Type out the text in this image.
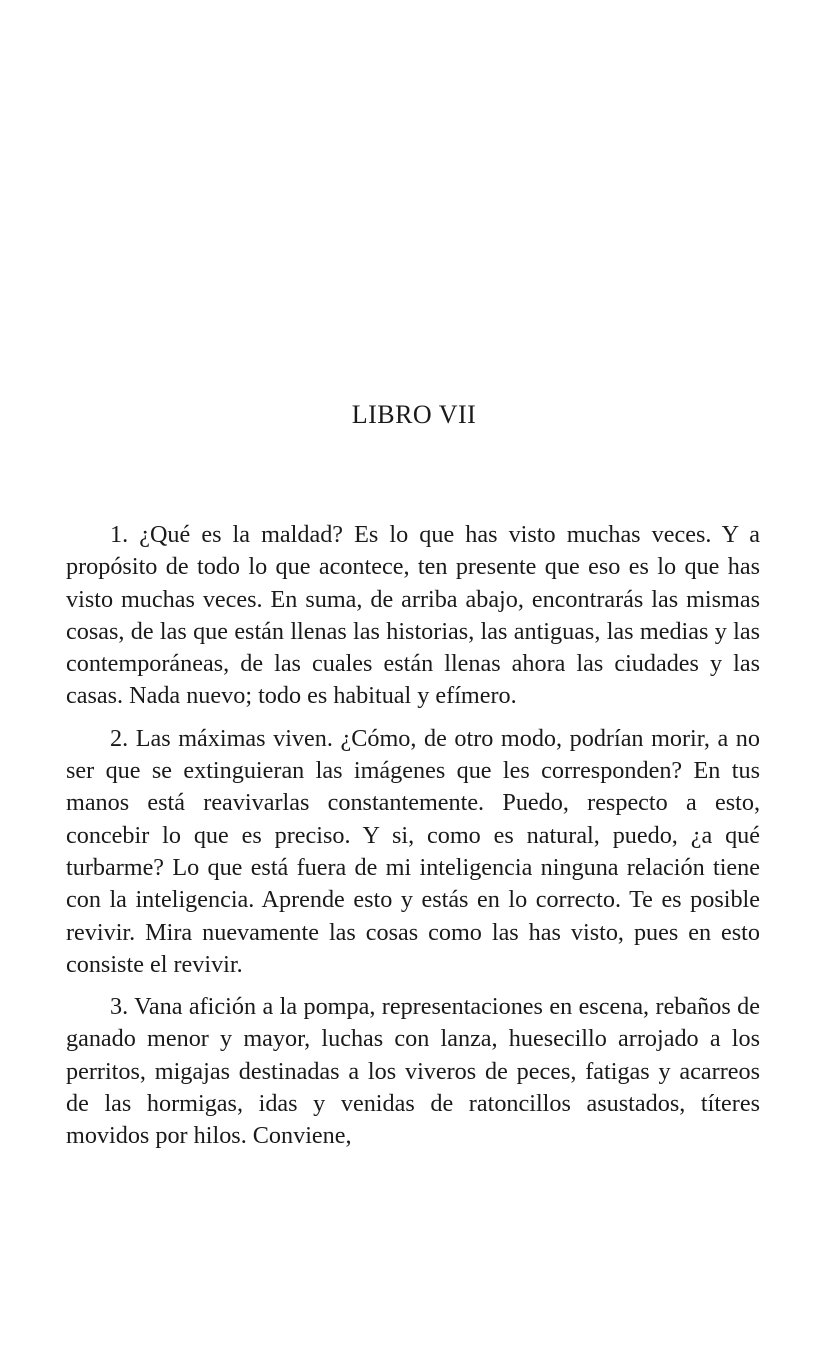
LIBRO VII

1. ¿Qué es la maldad? Es lo que has visto muchas veces. Y a propósito de todo lo que acontece, ten presente que eso es lo que has visto muchas veces. En suma, de arriba abajo, encontrarás las mismas cosas, de las que están llenas las historias, las antiguas, las medias y las contemporáneas, de las cuales están llenas ahora las ciudades y las casas. Nada nuevo; todo es habitual y efímero.

2. Las máximas viven. ¿Cómo, de otro modo, podrían morir, a no ser que se extinguieran las imágenes que les corresponden? En tus manos está reavivarlas constantemente. Puedo, respecto a esto, concebir lo que es preciso. Y si, como es natural, puedo, ¿a qué turbarme? Lo que está fuera de mi inteligencia ninguna relación tiene con la inteligencia. Aprende esto y estás en lo correcto. Te es posible revivir. Mira nuevamente las cosas como las has visto, pues en esto consiste el revivir.

3. Vana afición a la pompa, representaciones en escena, rebaños de ganado menor y mayor, luchas con lanza, huesecillo arrojado a los perritos, migajas destinadas a los viveros de peces, fatigas y acarreos de las hormigas, idas y venidas de ratoncillos asustados, títeres movidos por hilos. Conviene,
